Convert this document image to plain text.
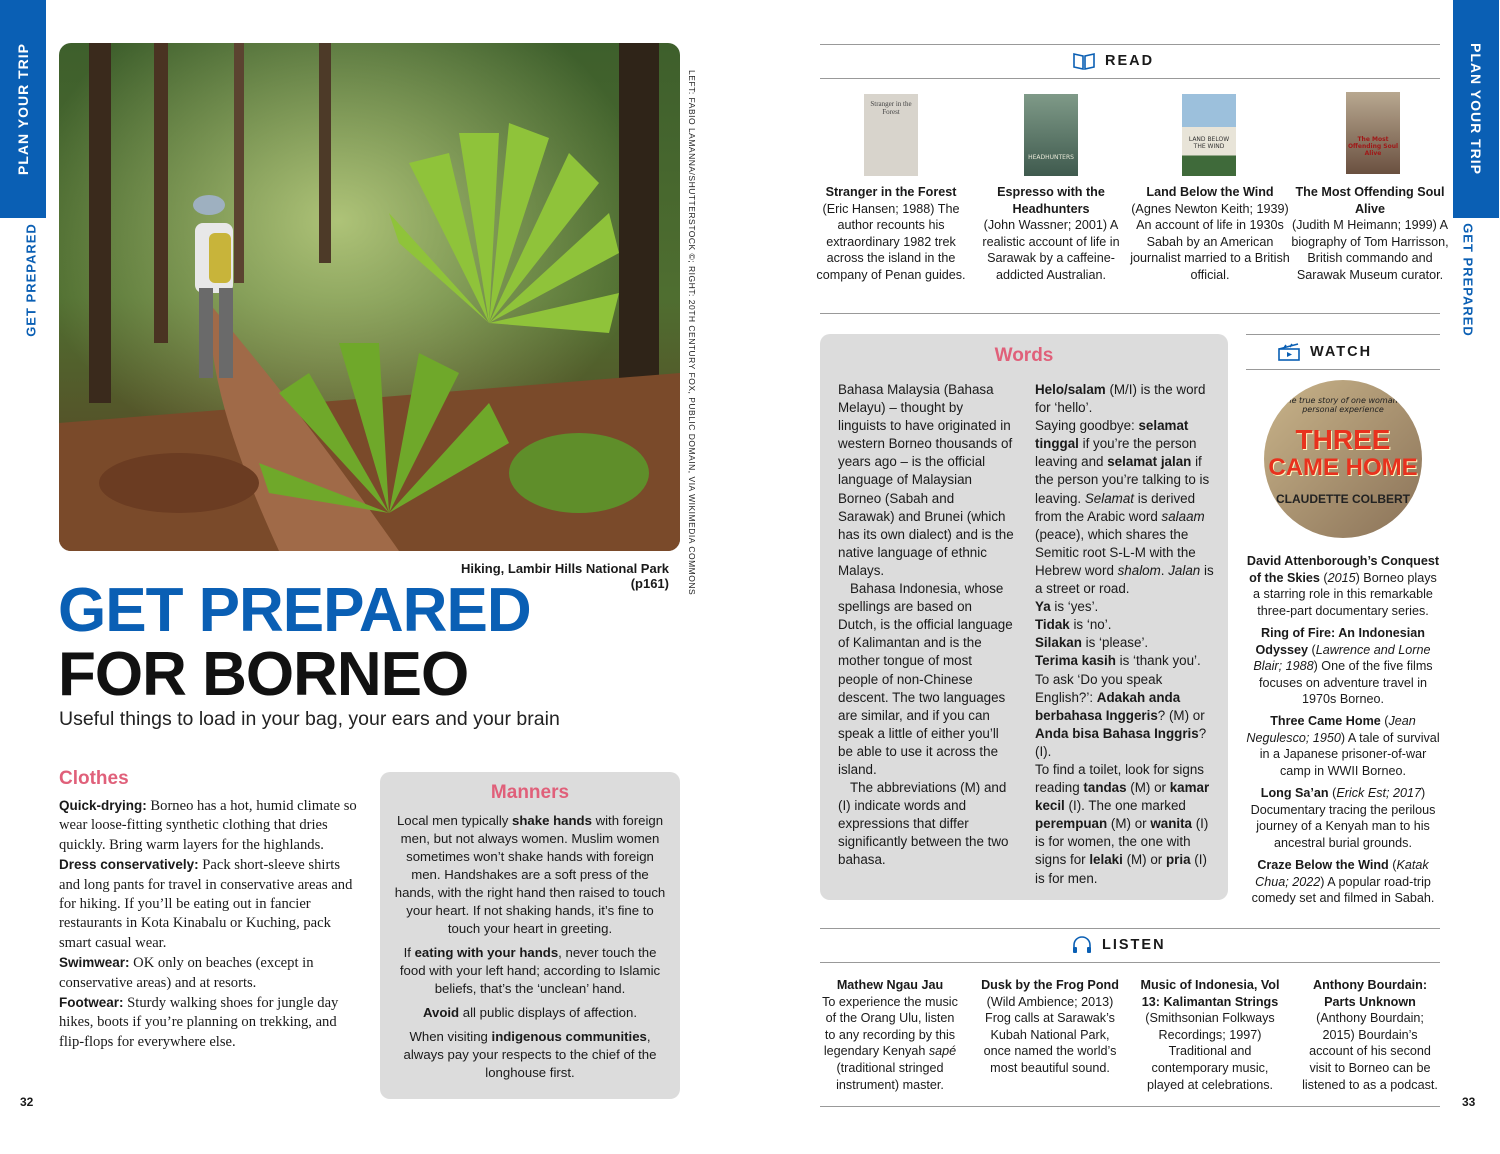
PLAN YOUR TRIP
GET PREPARED
PLAN YOUR TRIP
GET PREPARED
LEFT: FABIO LAMANNA/SHUTTERSTOCK ©; RIGHT: 20TH CENTURY FOX, PUBLIC DOMAIN, VIA WIKIMEDIA COMMONS
Hiking, Lambir Hills National Park (p161)
GET PREPARED
FOR BORNEO
Useful things to load in your bag, your ears and your brain
Clothes

Quick-drying: Borneo has a hot, humid climate so wear loose-fitting synthetic clothing that dries quickly. Bring warm layers for the highlands.

Dress conservatively: Pack short-sleeve shirts and long pants for travel in conservative areas and for hiking. If you’ll be eating out in fancier restaurants in Kota Kinabalu or Kuching, pack smart casual wear.

Swimwear: OK only on beaches (except in conservative areas) and at resorts.

Footwear: Sturdy walking shoes for jungle day hikes, boots if you’re planning on trekking, and flip-flops for everywhere else.

Manners

Local men typically shake hands with foreign men, but not always women. Muslim women sometimes won’t shake hands with foreign men. Handshakes are a soft press of the hands, with the right hand then raised to touch your heart. If not shaking hands, it’s fine to touch your heart in greeting.

If eating with your hands, never touch the food with your left hand; according to Islamic beliefs, that’s the ‘unclean’ hand.

Avoid all public displays of affection.

When visiting indigenous communities, always pay your respects to the chief of the longhouse first.

32	33
READ
Stranger in the Forest
HEADHUNTERS
LAND BELOW THE WIND
The Most Offending Soul Alive
Stranger in the Forest
(Eric Hansen; 1988) The author recounts his extraordinary 1982 trek across the island in the company of Penan guides.
Espresso with the Headhunters
(John Wassner; 2001) A realistic account of life in Sarawak by a caffeine-addicted Australian.
Land Below the Wind
(Agnes Newton Keith; 1939) An account of life in 1930s Sabah by an American journalist married to a British official.
The Most Offending Soul Alive
(Judith M Heimann; 1999) A biography of Tom Harrisson, British commando and Sarawak Museum curator.
Words
Bahasa Malaysia (Bahasa Melayu) – thought by linguists to have originated in western Borneo thousands of years ago – is the official language of Malaysian Borneo (Sabah and Sarawak) and Brunei (which has its own dialect) and is the native language of ethnic Malays.
Bahasa Indonesia, whose spellings are based on Dutch, is the official language of Kalimantan and is the mother tongue of most people of non-Chinese descent. The two languages are similar, and if you can speak a little of either you’ll be able to use it across the island.
The abbreviations (M) and (I) indicate words and expressions that differ significantly between the two bahasa.
Helo/salam (M/I) is the word for ‘hello’.
Saying goodbye: selamat tinggal if you’re the person leaving and selamat jalan if the person you’re talking to is leaving. Selamat is derived from the Arabic word salaam (peace), which shares the Semitic root S-L-M with the Hebrew word shalom. Jalan is a street or road.
Ya is ‘yes’.
Tidak is ‘no’.
Silakan is ‘please’.
Terima kasih is ‘thank you’.
To ask ‘Do you speak English?’: Adakah anda berbahasa Inggeris? (M) or Anda bisa Bahasa Inggris? (I).
To find a toilet, look for signs reading tandas (M) or kamar kecil (I). The one marked perempuan (M) or wanita (I) is for women, the one with signs for lelaki (M) or pria (I) is for men.
WATCH
The true story of one woman’s personal experience
THREE
CAME HOME
CLAUDETTE COLBERT
David Attenborough’s Conquest of the Skies (2015) Borneo plays a starring role in this remarkable three-part documentary series.
Ring of Fire: An Indonesian Odyssey (Lawrence and Lorne Blair; 1988) One of the five films focuses on adventure travel in 1970s Borneo.
Three Came Home (Jean Negulesco; 1950) A tale of survival in a Japanese prisoner-of-war camp in WWII Borneo.
Long Sa’an (Erick Est; 2017) Documentary tracing the perilous journey of a Kenyah man to his ancestral burial grounds.
Craze Below the Wind (Katak Chua; 2022) A popular road-trip comedy set and filmed in Sabah.
LISTEN
Mathew Ngau Jau
To experience the music of the Orang Ulu, listen to any recording by this legendary Kenyah sapé (traditional stringed instrument) master.
Dusk by the Frog Pond (Wild Ambience; 2013) Frog calls at Sarawak’s Kubah National Park, once named the world’s most beautiful sound.
Music of Indonesia, Vol 13: Kalimantan Strings (Smithsonian Folkways Recordings; 1997) Traditional and contemporary music, played at celebrations.
Anthony Bourdain: Parts Unknown (Anthony Bourdain; 2015) Bourdain’s account of his second visit to Borneo can be listened to as a podcast.
